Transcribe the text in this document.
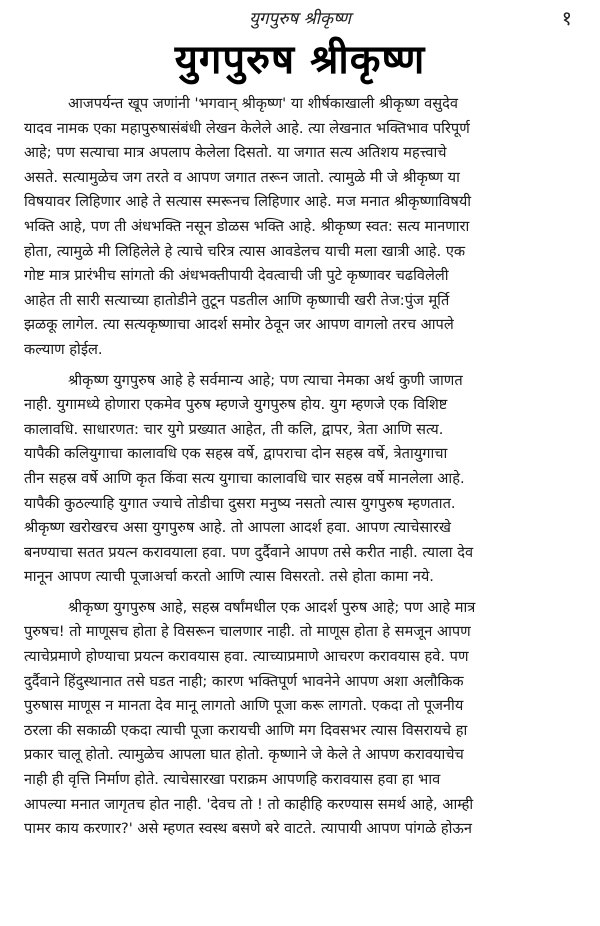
युगपुरुष श्रीकृष्ण	१
युगपुरुष श्रीकृष्ण

आजपर्यन्त खूप जणांनी 'भगवान् श्रीकृष्ण' या शीर्षकाखाली श्रीकृष्ण वसुदेव
यादव नामक एका महापुरुषासंबंधी लेखन केलेले आहे. त्या लेखनात भक्तिभाव परिपूर्ण
आहे; पण सत्याचा मात्र अपलाप केलेला दिसतो. या जगात सत्य अतिशय महत्त्वाचे
असते. सत्यामुळेच जग तरते व आपण जगात तरून जातो. त्यामुळे मी जे श्रीकृष्ण या
विषयावर लिहिणार आहे ते सत्यास स्मरूनच लिहिणार आहे. मज मनात श्रीकृष्णाविषयी
भक्ति आहे, पण ती अंधभक्ति नसून डोळस भक्ति आहे. श्रीकृष्ण स्वत: सत्य मानणारा
होता, त्यामुळे मी लिहिलेले हे त्याचे चरित्र त्यास आवडेलच याची मला खात्री आहे. एक
गोष्ट मात्र प्रारंभीच सांगतो की अंधभक्तीपायी देवत्वाची जी पुटे कृष्णावर चढविलेली
आहेत ती सारी सत्याच्या हातोडीने तुटून पडतील आणि कृष्णाची खरी तेज:पुंज मूर्ति
झळकू लागेल. त्या सत्यकृष्णाचा आदर्श समोर ठेवून जर आपण वागलो तरच आपले
कल्याण होईल.

श्रीकृष्ण युगपुरुष आहे हे सर्वमान्य आहे; पण त्याचा नेमका अर्थ कुणी जाणत
नाही. युगामध्ये होणारा एकमेव पुरुष म्हणजे युगपुरुष होय. युग म्हणजे एक विशिष्ट
कालावधि. साधारणत: चार युगे प्रख्यात आहेत, ती कलि, द्वापर, त्रेता आणि सत्य.
यापैकी कलियुगाचा कालावधि एक सहस्र वर्षे, द्वापराचा दोन सहस्र वर्षे, त्रेतायुगाचा
तीन सहस्र वर्षे आणि कृत किंवा सत्य युगाचा कालावधि चार सहस्र वर्षे मानलेला आहे.
यापैकी कुठल्याहि युगात ज्याचे तोडीचा दुसरा मनुष्य नसतो त्यास युगपुरुष म्हणतात.
श्रीकृष्ण खरोखरच असा युगपुरुष आहे. तो आपला आदर्श हवा. आपण त्याचेसारखे
बनण्याचा सतत प्रयत्न करावयाला हवा. पण दुर्दैवाने आपण तसे करीत नाही. त्याला देव
मानून आपण त्याची पूजाअर्चा करतो आणि त्यास विसरतो. तसे होता कामा नये.

श्रीकृष्ण युगपुरुष आहे, सहस्र वर्षांमधील एक आदर्श पुरुष आहे; पण आहे मात्र
पुरुषच! तो माणूसच होता हे विसरून चालणार नाही. तो माणूस होता हे समजून आपण
त्याचेप्रमाणे होण्याचा प्रयत्न करावयास हवा. त्याच्याप्रमाणे आचरण करावयास हवे. पण
दुर्दैवाने हिंदुस्थानात तसे घडत नाही; कारण भक्तिपूर्ण भावनेने आपण अशा अलौकिक
पुरुषास माणूस न मानता देव मानू लागतो आणि पूजा करू लागतो. एकदा तो पूजनीय
ठरला की सकाळी एकदा त्याची पूजा करायची आणि मग दिवसभर त्यास विसरायचे हा
प्रकार चालू होतो. त्यामुळेच आपला घात होतो. कृष्णाने जे केले ते आपण करावयाचेच
नाही ही वृत्ति निर्माण होते. त्याचेसारखा पराक्रम आपणहि करावयास हवा हा भाव
आपल्या मनात जागृतच होत नाही. 'देवच तो ! तो काहीहि करण्यास समर्थ आहे, आम्ही
पामर काय करणार?' असे म्हणत स्वस्थ बसणे बरे वाटते. त्यापायी आपण पांगळे होऊन
